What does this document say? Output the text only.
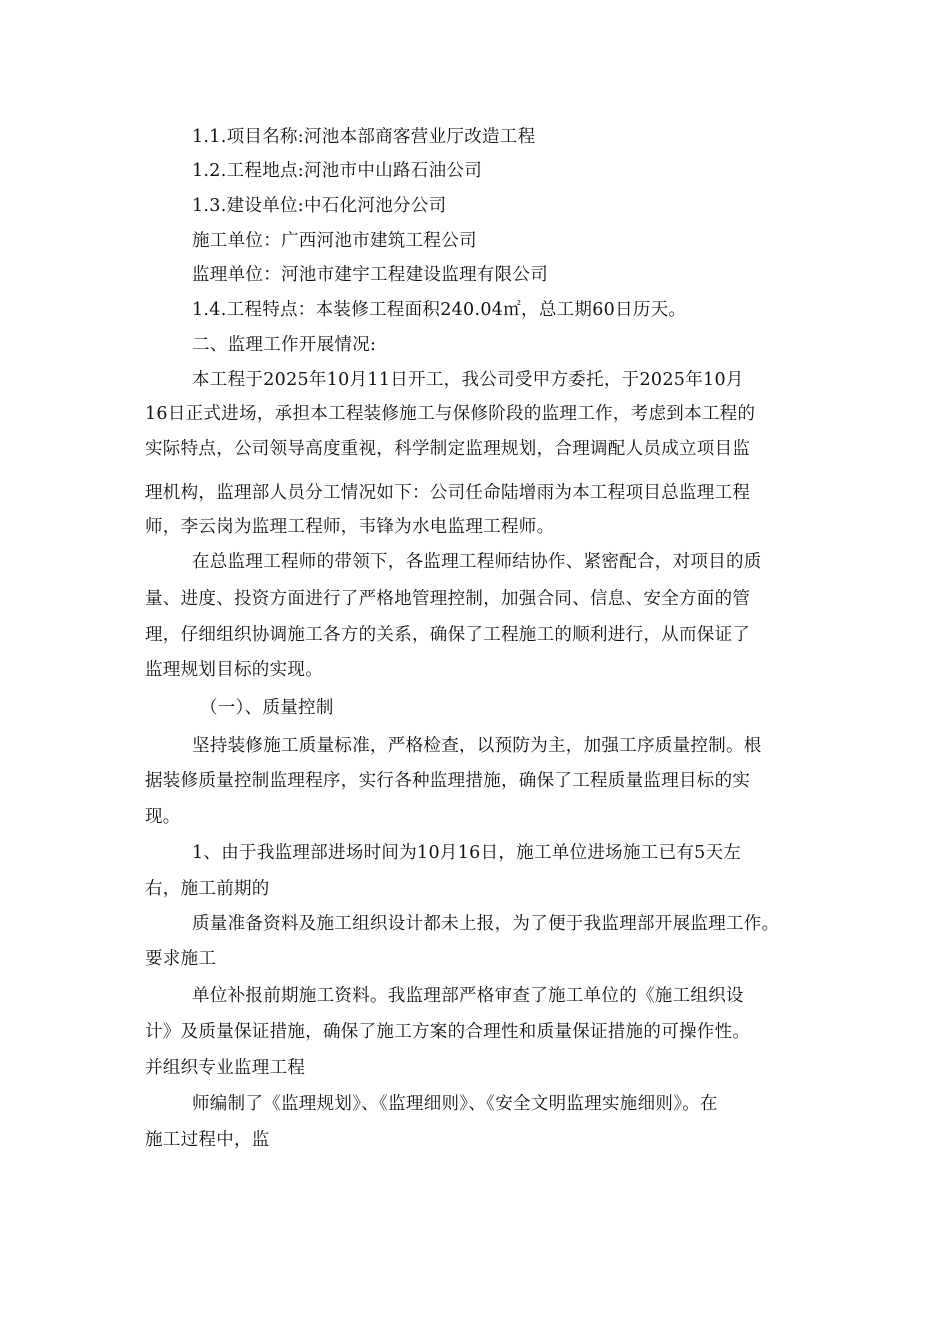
1.1.项目名称:河池本部商客营业厅改造工程
1.2.工程地点:河池市中山路石油公司
1.3.建设单位:中石化河池分公司
施工单位：广西河池市建筑工程公司
监理单位：河池市建宇工程建设监理有限公司
1.4.工程特点：本装修工程面积240.04㎡，总工期60日历天。
二、监理工作开展情况:
本工程于2025年10月11日开工，我公司受甲方委托，于2025年10月
16日正式进场，承担本工程装修施工与保修阶段的监理工作，考虑到本工程的
实际特点，公司领导高度重视，科学制定监理规划，合理调配人员成立项目监
理机构，监理部人员分工情况如下：公司任命陆增雨为本工程项目总监理工程
师，李云岗为监理工程师，韦锋为水电监理工程师。
在总监理工程师的带领下，各监理工程师结协作、紧密配合，对项目的质
量、进度、投资方面进行了严格地管理控制，加强合同、信息、安全方面的管
理，仔细组织协调施工各方的关系，确保了工程施工的顺利进行，从而保证了
监理规划目标的实现。
（一）、质量控制
坚持装修施工质量标准，严格检查，以预防为主，加强工序质量控制。根
据装修质量控制监理程序，实行各种监理措施，确保了工程质量监理目标的实
现。
1、由于我监理部进场时间为10月16日，施工单位进场施工已有5天左
右，施工前期的
质量准备资料及施工组织设计都未上报，为了便于我监理部开展监理工作。
要求施工
单位补报前期施工资料。我监理部严格审查了施工单位的《施工组织设
计》及质量保证措施，确保了施工方案的合理性和质量保证措施的可操作性。
并组织专业监理工程
师编制了《监理规划》、《监理细则》、《安全文明监理实施细则》。在
施工过程中，监
